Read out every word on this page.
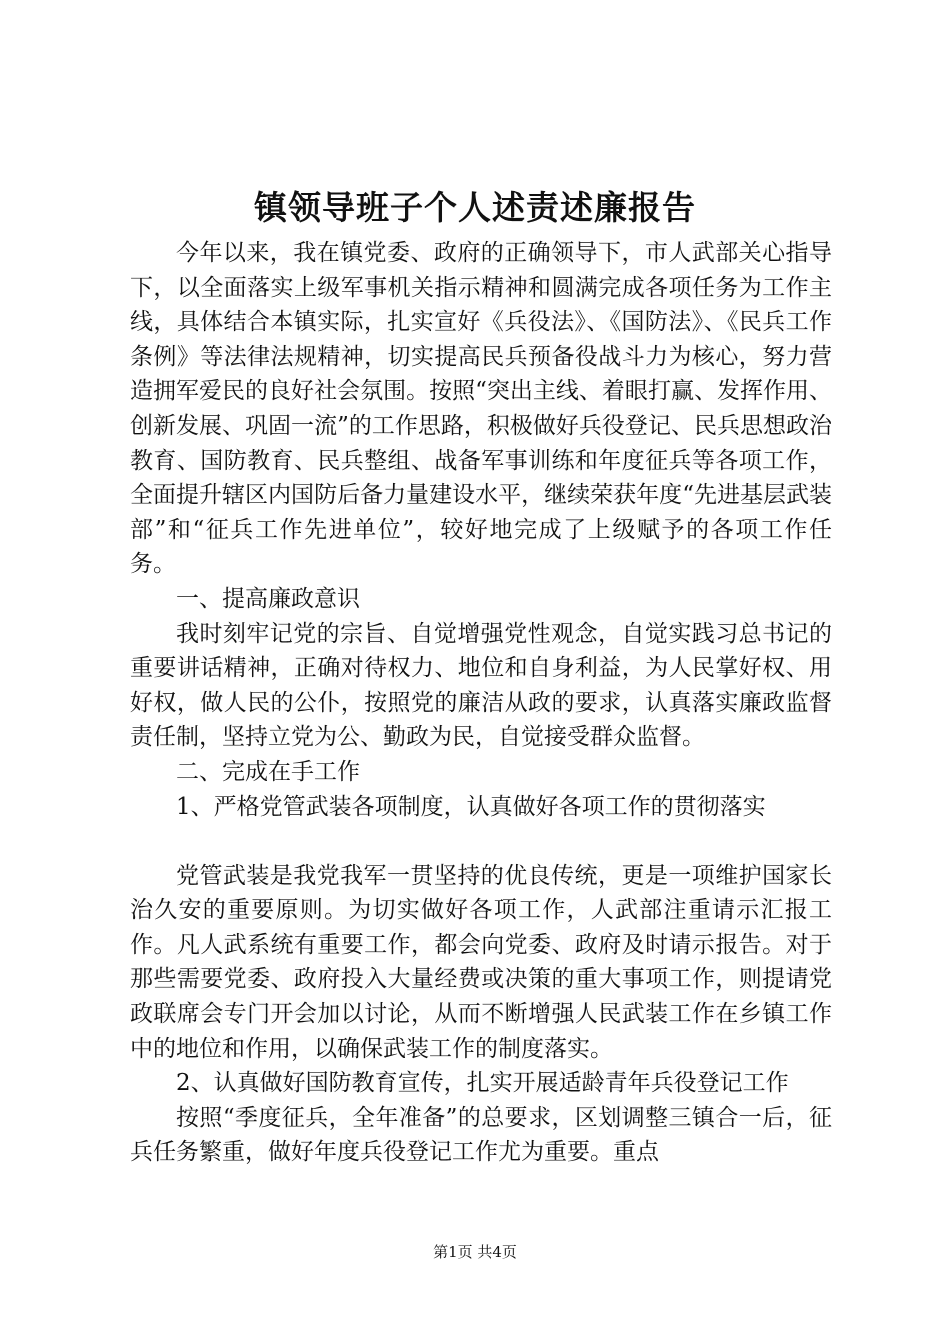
镇领导班子个人述责述廉报告

今年以来，我在镇党委、政府的正确领导下，市人武部关心指导下，以全面落实上级军事机关指示精神和圆满完成各项任务为工作主线，具体结合本镇实际，扎实宣好《兵役法》、《国防法》、《民兵工作条例》等法律法规精神，切实提高民兵预备役战斗力为核心，努力营造拥军爱民的良好社会氛围。按照“突出主线、着眼打赢、发挥作用、创新发展、巩固一流”的工作思路，积极做好兵役登记、民兵思想政治教育、国防教育、民兵整组、战备军事训练和年度征兵等各项工作，全面提升辖区内国防后备力量建设水平，继续荣获年度“先进基层武装部”和“征兵工作先进单位”，较好地完成了上级赋予的各项工作任务。

一、提高廉政意识

我时刻牢记党的宗旨、自觉增强党性观念，自觉实践习总书记的重要讲话精神，正确对待权力、地位和自身利益，为人民掌好权、用好权，做人民的公仆，按照党的廉洁从政的要求，认真落实廉政监督责任制，坚持立党为公、勤政为民，自觉接受群众监督。

二、完成在手工作

1、严格党管武装各项制度，认真做好各项工作的贯彻落实

党管武装是我党我军一贯坚持的优良传统，更是一项维护国家长治久安的重要原则。为切实做好各项工作，人武部注重请示汇报工作。凡人武系统有重要工作，都会向党委、政府及时请示报告。对于那些需要党委、政府投入大量经费或决策的重大事项工作，则提请党政联席会专门开会加以讨论，从而不断增强人民武装工作在乡镇工作中的地位和作用，以确保武装工作的制度落实。

2、认真做好国防教育宣传，扎实开展适龄青年兵役登记工作

按照“季度征兵，全年准备”的总要求，区划调整三镇合一后，征兵任务繁重，做好年度兵役登记工作尤为重要。重点

第1页 共4页
